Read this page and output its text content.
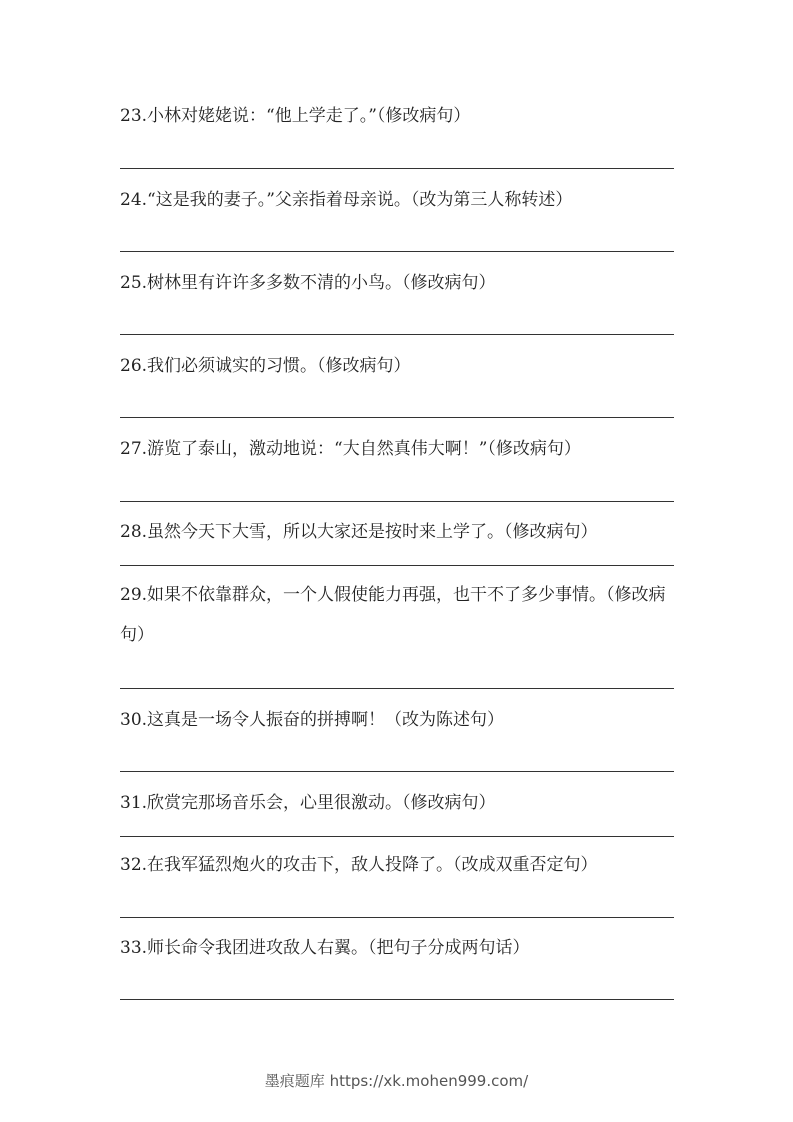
23.小林对姥姥说：“他上学走了。”（修改病句）
24.“这是我的妻子。”父亲指着母亲说。（改为第三人称转述）
25.树林里有许许多多数不清的小鸟。（修改病句）
26.我们必须诚实的习惯。（修改病句）
27.游览了泰山，激动地说：“大自然真伟大啊！”（修改病句）
28.虽然今天下大雪，所以大家还是按时来上学了。（修改病句）
29.如果不依靠群众，一个人假使能力再强，也干不了多少事情。（修改病句）
30.这真是一场令人振奋的拼搏啊！（改为陈述句）
31.欣赏完那场音乐会，心里很激动。（修改病句）
32.在我军猛烈炮火的攻击下，敌人投降了。（改成双重否定句）
33.师长命令我团进攻敌人右翼。（把句子分成两句话）
墨痕题库 https://xk.mohen999.com/
